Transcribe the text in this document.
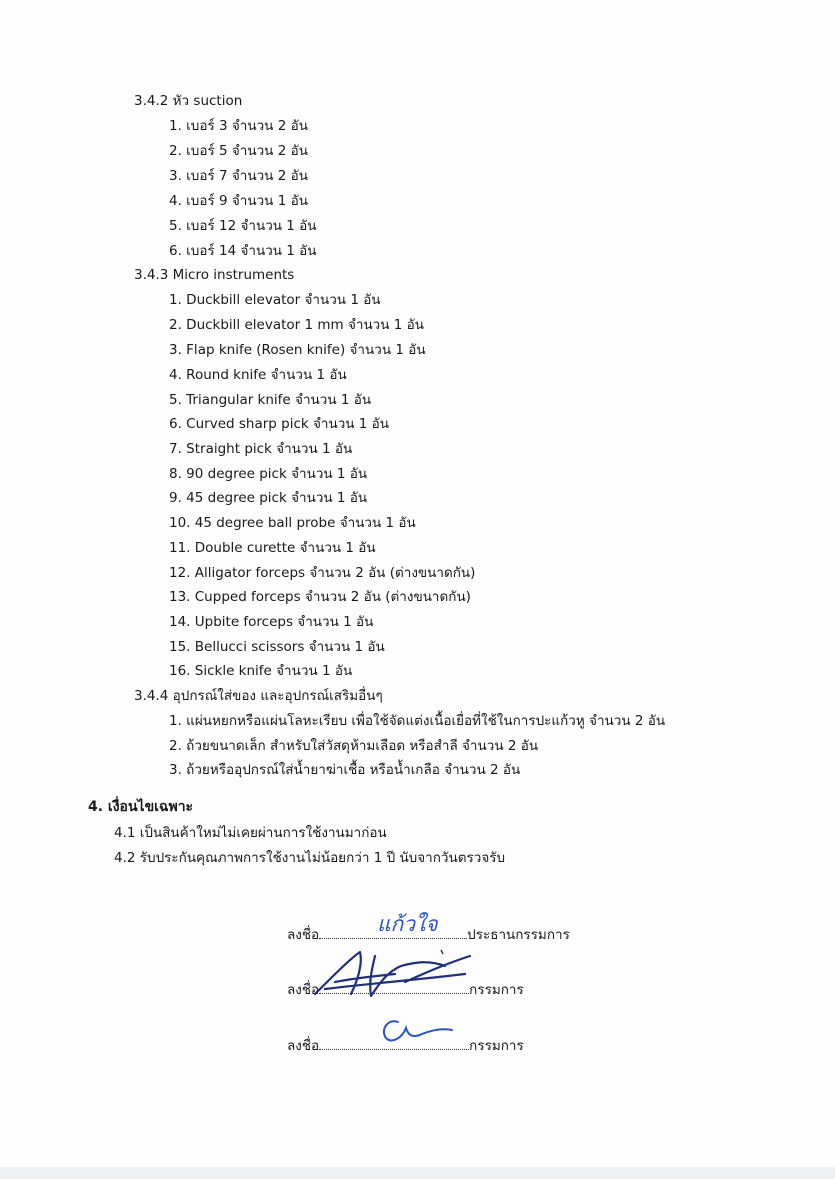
3.4.2 หัว suction
1. เบอร์ 3 จำนวน 2 อัน
2. เบอร์ 5 จำนวน 2 อัน
3. เบอร์ 7 จำนวน 2 อัน
4. เบอร์ 9 จำนวน 1 อัน
5. เบอร์ 12 จำนวน 1 อัน
6. เบอร์ 14 จำนวน 1 อัน
3.4.3 Micro instruments
1. Duckbill elevator จำนวน 1 อัน
2. Duckbill elevator 1 mm จำนวน 1 อัน
3. Flap knife (Rosen knife) จำนวน 1 อัน
4. Round knife จำนวน 1 อัน
5. Triangular knife จำนวน 1 อัน
6. Curved sharp pick จำนวน 1 อัน
7. Straight pick จำนวน 1 อัน
8. 90 degree pick จำนวน 1 อัน
9. 45 degree pick จำนวน 1 อัน
10. 45 degree ball probe จำนวน 1 อัน
11. Double curette จำนวน 1 อัน
12. Alligator forceps จำนวน 2 อัน (ต่างขนาดกัน)
13. Cupped forceps จำนวน 2 อัน (ต่างขนาดกัน)
14. Upbite forceps จำนวน 1 อัน
15. Bellucci scissors จำนวน 1 อัน
16. Sickle knife จำนวน 1 อัน
3.4.4 อุปกรณ์ใส่ของ และอุปกรณ์เสริมอื่นๆ
1. แผ่นหยกหรือแผ่นโลหะเรียบ เพื่อใช้จัดแต่งเนื้อเยื่อที่ใช้ในการปะแก้วหู จำนวน 2 อัน
2. ถ้วยขนาดเล็ก สำหรับใส่วัสดุห้ามเลือด หรือสำลี จำนวน 2 อัน
3. ถ้วยหรืออุปกรณ์ใส่น้ำยาฆ่าเชื้อ หรือน้ำเกลือ จำนวน 2 อัน
4. เงื่อนไขเฉพาะ
4.1 เป็นสินค้าใหม่ไม่เคยผ่านการใช้งานมาก่อน
4.2 รับประกันคุณภาพการใช้งานไม่น้อยกว่า 1 ปี นับจากวันตรวจรับ
ลงชื่อ	ประธานกรรมการ
แก้วใจ
ลงชื่อ	กรรมการ
ลงชื่อ	กรรมการ
